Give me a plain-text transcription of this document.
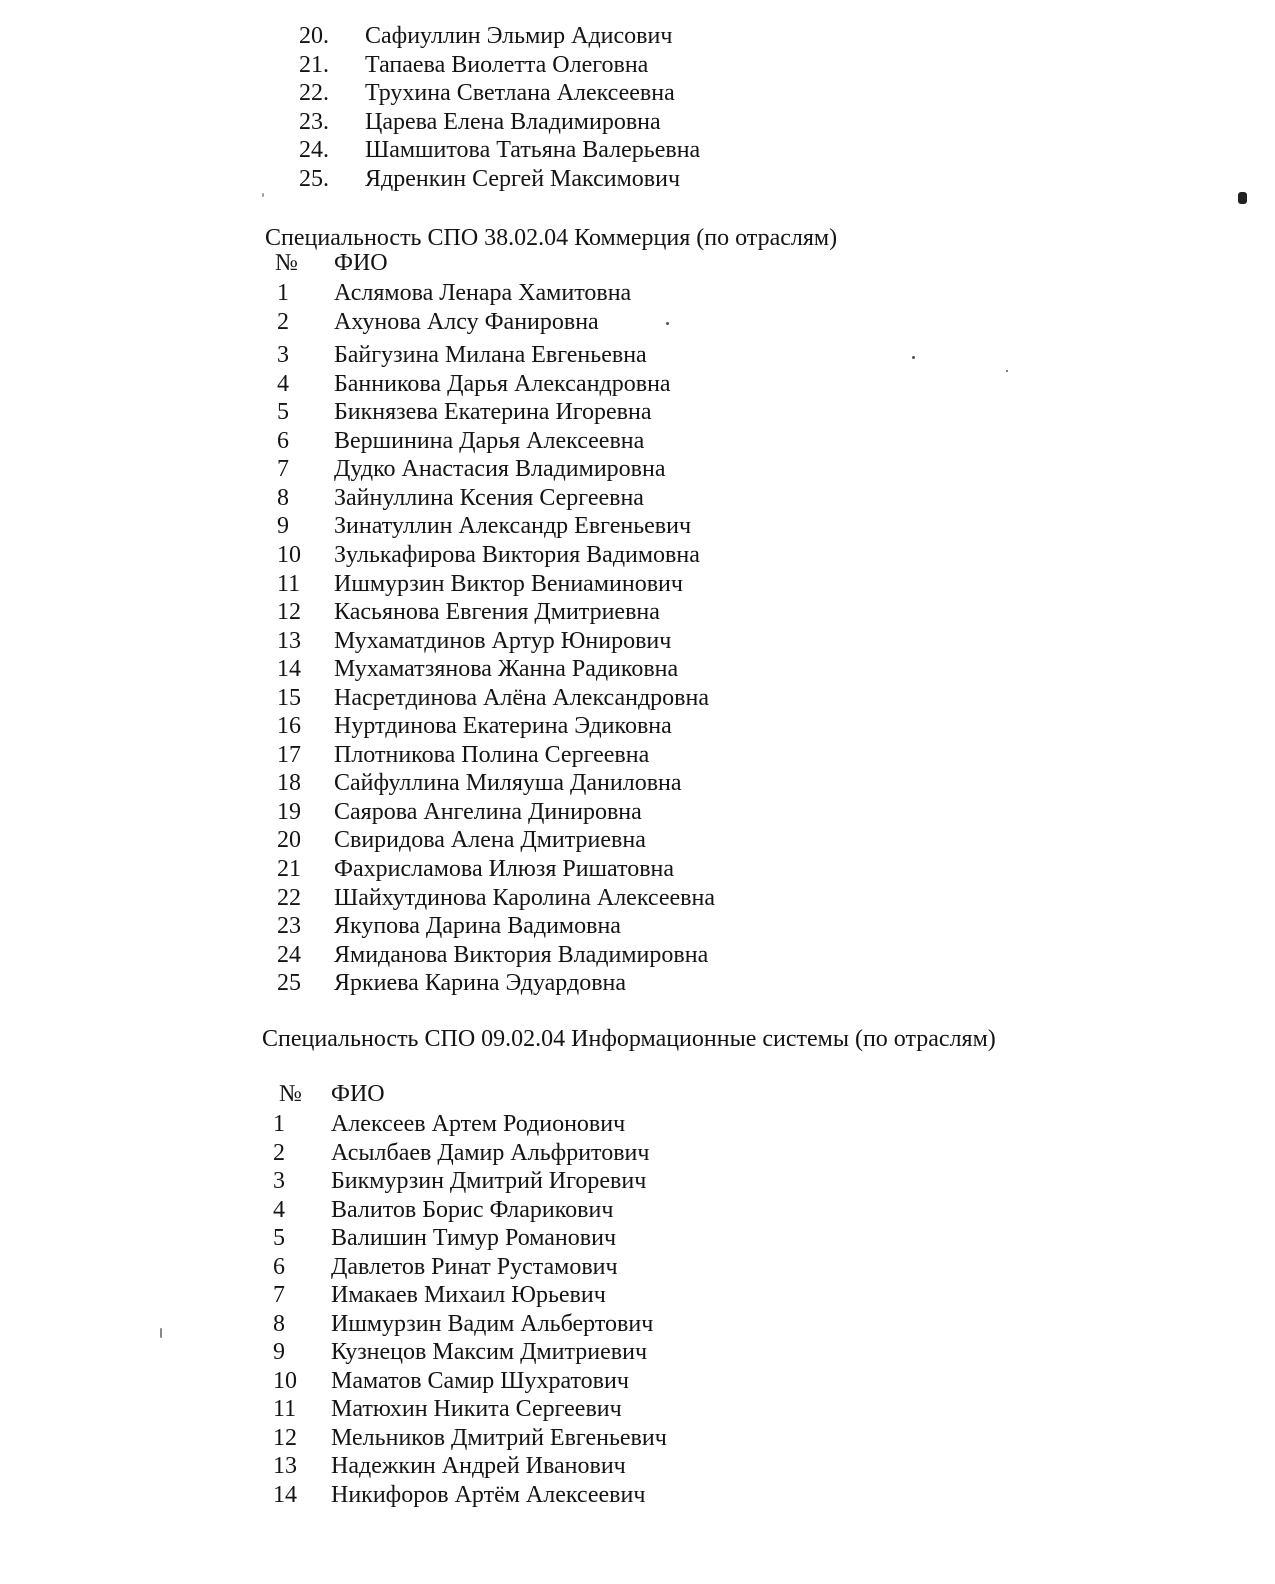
20. Сафиуллин Эльмир Адисович
21. Тапаева Виолетта Олеговна
22. Трухина Светлана Алексеевна
23. Царева Елена Владимировна
24. Шамшитова Татьяна Валерьевна
25. Ядренкин Сергей Максимович
Специальность СПО 38.02.04 Коммерция (по отраслям)
№ ФИО
1 Аслямова Ленара Хамитовна
2 Ахунова Алсу Фанировна
3 Байгузина Милана Евгеньевна
4 Банникова Дарья Александровна
5 Бикнязева Екатерина Игоревна
6 Вершинина Дарья Алексеевна
7 Дудко Анастасия Владимировна
8 Зайнуллина Ксения Сергеевна
9 Зинатуллин Александр Евгеньевич
10 Зулькафирова Виктория Вадимовна
11 Ишмурзин Виктор Вениаминович
12 Касьянова Евгения Дмитриевна
13 Мухаматдинов Артур Юнирович
14 Мухаматзянова Жанна Радиковна
15 Насретдинова Алёна Александровна
16 Нуртдинова Екатерина Эдиковна
17 Плотникова Полина Сергеевна
18 Сайфуллина Миляуша Даниловна
19 Саярова Ангелина Динировна
20 Свиридова Алена Дмитриевна
21 Фахрисламова Илюзя Ришатовна
22 Шайхутдинова Каролина Алексеевна
23 Якупова Дарина Вадимовна
24 Ямиданова Виктория Владимировна
25 Яркиева Карина Эдуардовна
Специальность СПО 09.02.04 Информационные системы (по отраслям)
№ ФИО
1 Алексеев Артем Родионович
2 Асылбаев Дамир Альфритович
3 Бикмурзин Дмитрий Игоревич
4 Валитов Борис Фларикович
5 Валишин Тимур Романович
6 Давлетов Ринат Рустамович
7 Имакаев Михаил Юрьевич
8 Ишмурзин Вадим Альбертович
9 Кузнецов Максим Дмитриевич
10 Маматов Самир Шухратович
11 Матюхин Никита Сергеевич
12 Мельников Дмитрий Евгеньевич
13 Надежкин Андрей Иванович
14 Никифоров Артём Алексеевич
